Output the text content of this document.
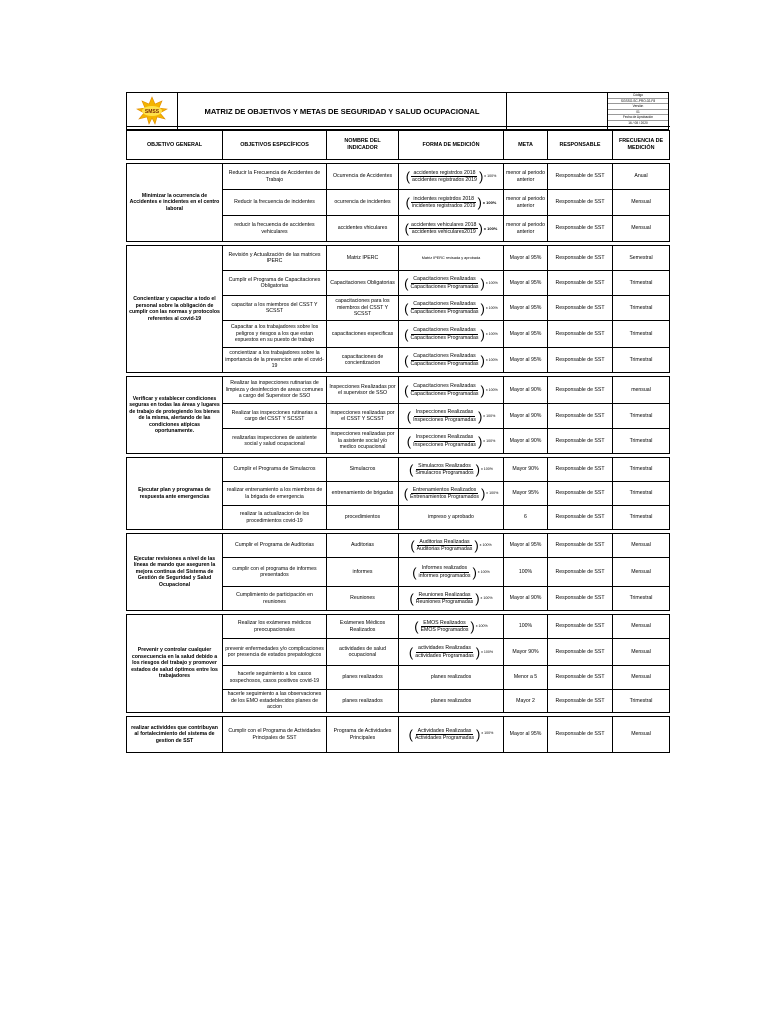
SMSS	MATRIZ DE OBJETIVOS Y METAS DE SEGURIDAD Y SALUD OCUPACIONAL
Código
SGSSO-SC-PRO-02-F8
Versión
01
Fecha de Aprobación
16 / 08 / 2020

OBJETIVO GENERAL	OBJETIVOS ESPECÍFICOS	NOMBRE DEL INDICADOR	FORMA DE MEDICIÓN	META	RESPONSABLE	FRECUENCIA DE MEDICIÓN

Minimizar la ocurrencia de Accidentes e incidentes en el centro laboral	Reducir la Frecuencia de Accidentes de Trabajo	Ocurrencia de Accidentes	( $\frac{\text{accidentes registrdos 2018}}{\text{accidentes registrados 2019}}$ ) x 100%	menor al periodo anterior	Responsable de SST	Anual
	Reducir la frecuencia de incidentes	ocurrencia de incidentes	( $\frac{\text{incidentes registrdos 2018}}{\text{incidentes registrados 2019}}$ ) x 100%	menor al periodo anterior	Responsable de SST	Mensual
	reducir la frecuencia de accidentes vehiculares	accidentes vhiculares	( $\frac{\text{accidentes vehiculares 2018}}{\text{accidentes vehiculares2019}}$ ) x 100%	menor al periodo anterior	Responsable de SST	Mensual

Concientizar y capacitar a todo el personal sobre la obligación de cumplir con las normas y protocolos referentes al covid-19	Revisión y Actualización de las matrices IPERC	Matriz IPERC	Matriz IPERC revisada y aprobada	Mayor al 95%	Responsable de SST	Semestral
	Cumplir el Programa de Capacitaciones Obligatorias	Capacitaciones Obligatorias	( $\frac{\text{Capacitaciones Realizadas}}{\text{Capacitaciones Programadas}}$ ) x 100%	Mayor al 95%	Responsable de SST	Trimestral
	capacitar a los miembros del CSST Y SCSST	capacitaciones para los miembros del CSST Y SCSST	( $\frac{\text{Capacitaciones Realizadas}}{\text{Capacitaciones Programadas}}$ ) x 100%	Mayor al 95%	Responsable de SST	Trimestral
	Capacitar a los trabajadores sobre los peligros y riesgos a los que estan expuestos en su puesto de trabajo	capacitaciones especificas	( $\frac{\text{Capacitaciones Realizadas}}{\text{Capacitaciones Programadas}}$ ) x 100%	Mayor al 95%	Responsable de SST	Trimestral
	concientizar a los trabajadores sobre la importancia de la prevencion ante el covid-19	capacitaciones de concientizacion	( $\frac{\text{Capacitaciones Realizadas}}{\text{Capacitaciones Programadas}}$ ) x 100%	Mayor al 95%	Responsable de SST	Trimestral

Verificar y establecer condiciones seguras en todas las áreas y lugares de trabajo de protegiendo los bienes de la misma, alertando de las condiciones atípicas oportunamente.	Realizar las inspecciones rutinarias de limpieza y desinfeccion de areas comunes a cargo del Supervisor de SSO	Inspecciones Realizadas por el supervisor de SSO	( $\frac{\text{Capacitaciones Realizadas}}{\text{Capacitaciones Programadas}}$ ) x 100%	Mayor al 90%	Responsable de SST	mensual
	Realizar las inspecciones rutinarias a cargo del CSST Y SCSST	inspecciones realizadas por el CSST Y SCSST	( $\frac{\text{Inspecciones Realizadas}}{\text{Inspecciones Programadas}}$ ) x 100%	Mayor al 90%	Responsable de SST	Trimestral
	realizarlas inspecciones de asistente social y salud ocupacional	inspecciones realizadas por la asistente social y/o medico ocupacional	( $\frac{\text{Inspecciones Realizadas}}{\text{Inspecciones Programadas}}$ ) x 100%	Mayor al 90%	Responsable de SST	Trimestral

Ejecutar plan y programas de respuesta ante emergencias	Cumplir el Programa de Simulacros	Simulacros	( $\frac{\text{Simulacros Realizados}}{\text{Simulacros Programados}}$ ) x 100%	Mayor 90%	Responsable de SST	Trimestral
	realizar entrenamiento a los miembros de la brigada de emergencia	entrenamiento de brigadas	( $\frac{\text{Entrenamientos Realizados}}{\text{Entrenamientos Programados}}$ ) x 100%	Mayor 95%	Responsable de SST	Trimestral
	realizar la actualizacion de los procedimientos covid-19	procedimientos	impreso y aprobado	6	Responsable de SST	Trimestral

Ejecutar revisiones a nivel de las líneas de mando que aseguren la mejora continua del Sistema de Gestión de Seguridad y Salud Ocupacional	Cumplir el Programa de Auditorias	Auditorias	( $\frac{\text{Auditorias Realizadas}}{\text{Auditorias Programadas}}$ ) x 100%	Mayor al 95%	Responsable de SST	Mensual
	cumplir con el programa de informes presentados	informes	( $\frac{\text{Informes realizados}}{\text{informes programados}}$ ) x 100%	100%	Responsable de SST	Mensual
	Cumplimiento de participación en reuniones	Reuniones	( $\frac{\text{Reuniones Realizadas}}{\text{Reuniones Programadas}}$ ) x 100%	Mayor al 90%	Responsable de SST	Trimestral

Prevenir y controlar cualquier consecuencia en la salud debido a los riesgos del trabajo y promover estados de salud óptimos entre los trabajadores	Realizar los exámenes médicos preocupacionales	Exámenes Médicos Realizados	( $\frac{\text{EMOS Realizados}}{\text{EMOS Programados}}$ ) x 100%	100%	Responsable de SST	Mensual
	prevenir enfermedades y/o complicaciones por presencia de estados prepatologicos	actividades de salud ocupacional	( $\frac{\text{actividades Realizadas}}{\text{actividades Programadas}}$ ) x 100%	Mayor 90%	Responsable de SST	Mensual
	hacerle seguimiento a los casos sospechosos, casos positivos covid-19	planes realizados	planes realizados	Menor a 5	Responsable de SST	Mensual
	hacerle seguimiento a las observaciones de los EMO estadeblecidos planes de accion	planes realizados	planes realizados	Mayor 2	Responsable de SST	Trimestral

realizar actividdes que contribuyan al fortalecimiento del sistema de gestion de SST	Cumplir con el Programa de Actividades Principales de SST	Programa de Actividades Principales	( $\frac{\text{Actividades Realizadas}}{\text{Actividades Programadas}}$ ) x 100%	Mayor al 95%	Responsable de SST	Mensual
